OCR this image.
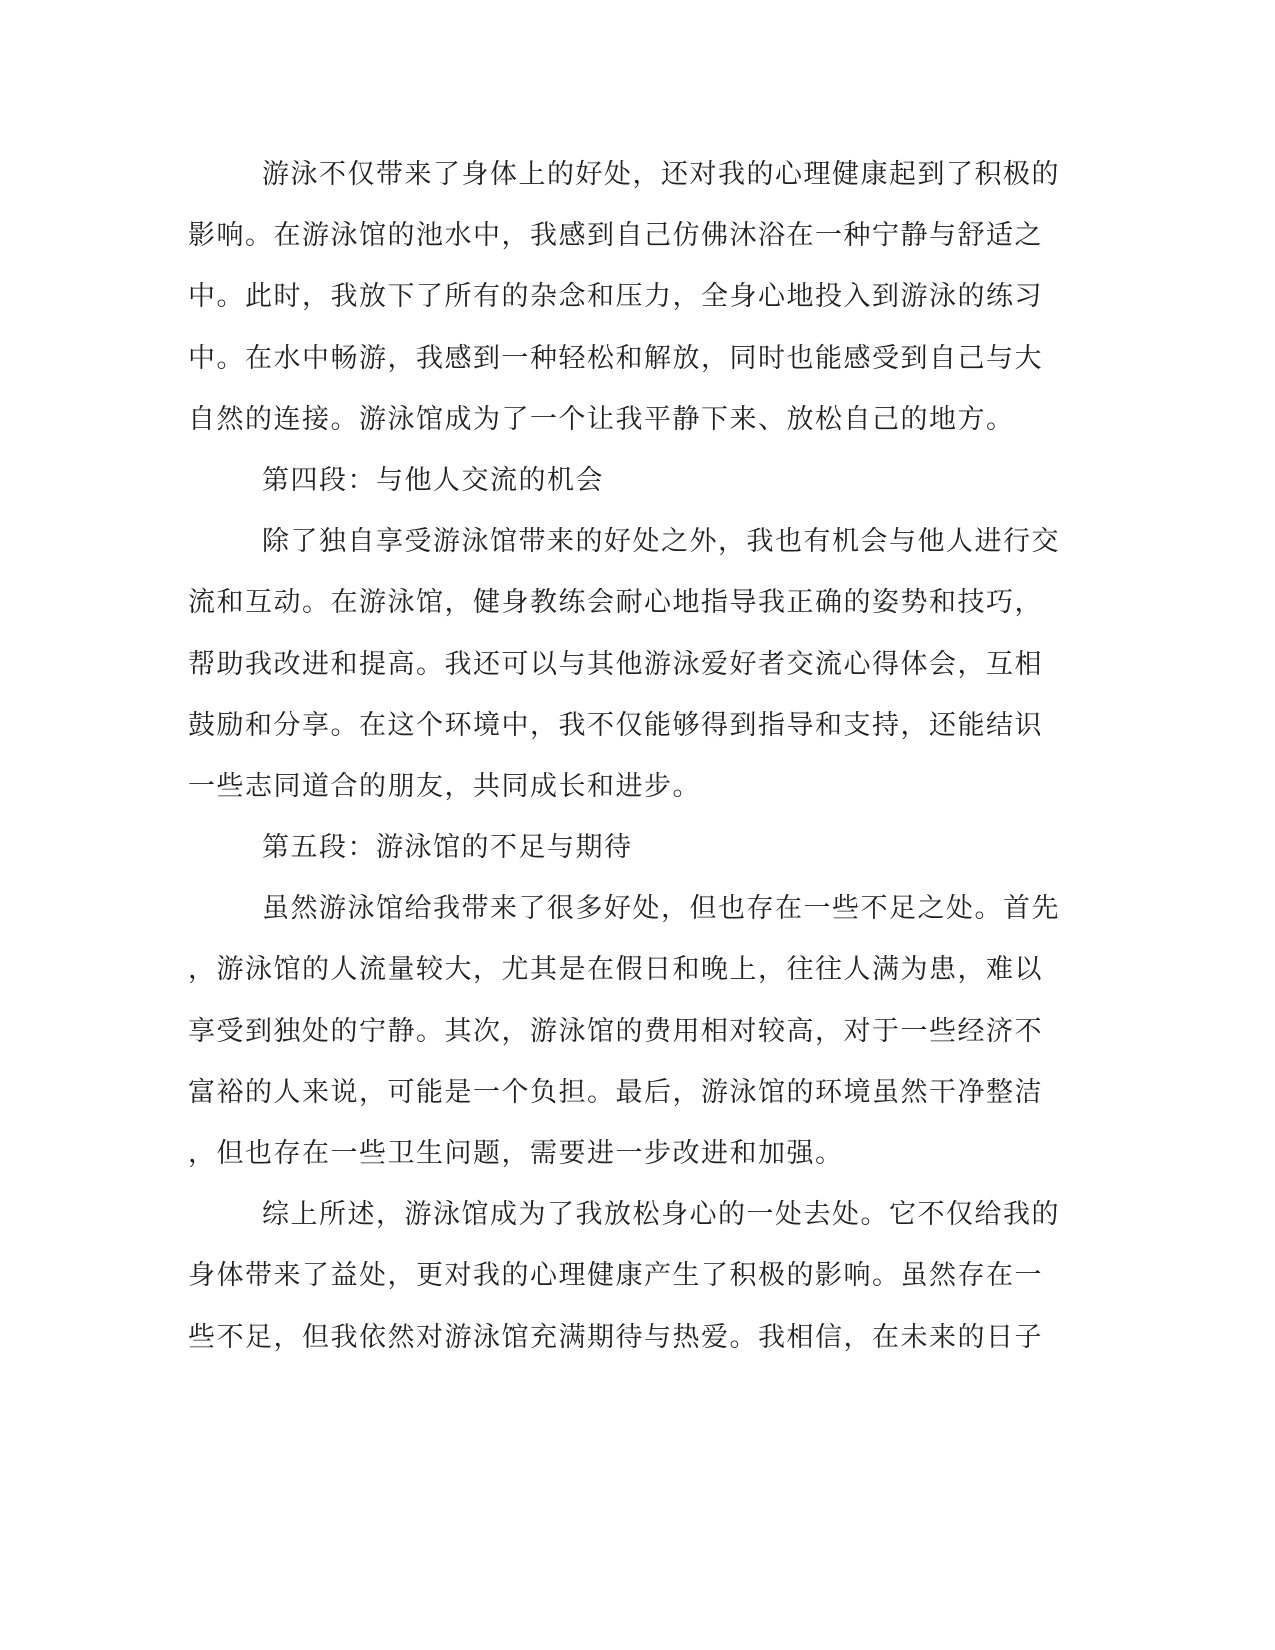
游泳不仅带来了身体上的好处，还对我的心理健康起到了积极的
影响。在游泳馆的池水中，我感到自己仿佛沐浴在一种宁静与舒适之
中。此时，我放下了所有的杂念和压力，全身心地投入到游泳的练习
中。在水中畅游，我感到一种轻松和解放，同时也能感受到自己与大
自然的连接。游泳馆成为了一个让我平静下来、放松自己的地方。
第四段：与他人交流的机会
除了独自享受游泳馆带来的好处之外，我也有机会与他人进行交
流和互动。在游泳馆，健身教练会耐心地指导我正确的姿势和技巧，
帮助我改进和提高。我还可以与其他游泳爱好者交流心得体会，互相
鼓励和分享。在这个环境中，我不仅能够得到指导和支持，还能结识
一些志同道合的朋友，共同成长和进步。
第五段：游泳馆的不足与期待
虽然游泳馆给我带来了很多好处，但也存在一些不足之处。首先
，游泳馆的人流量较大，尤其是在假日和晚上，往往人满为患，难以
享受到独处的宁静。其次，游泳馆的费用相对较高，对于一些经济不
富裕的人来说，可能是一个负担。最后，游泳馆的环境虽然干净整洁
，但也存在一些卫生问题，需要进一步改进和加强。
综上所述，游泳馆成为了我放松身心的一处去处。它不仅给我的
身体带来了益处，更对我的心理健康产生了积极的影响。虽然存在一
些不足，但我依然对游泳馆充满期待与热爱。我相信，在未来的日子
